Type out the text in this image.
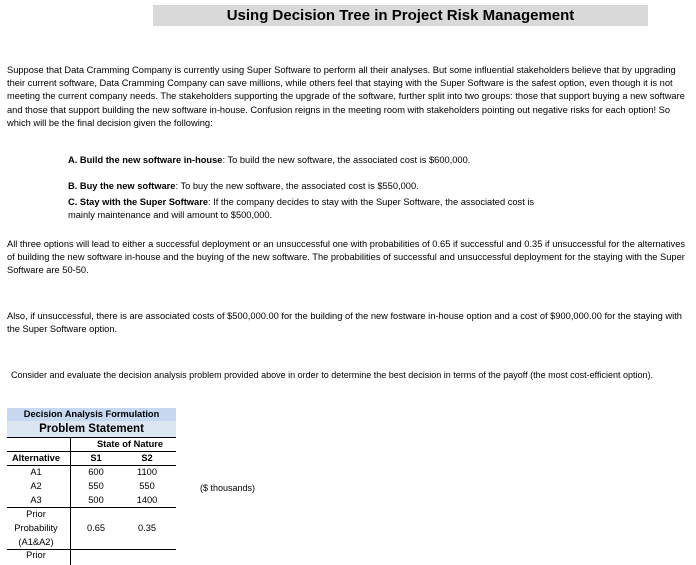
Using Decision Tree in Project Risk Management

Suppose that Data Cramming Company is currently using Super Software to perform all their analyses. But some influential stakeholders believe that by upgrading their current software, Data Cramming Company can save millions, while others feel that staying with the Super Software is the safest option, even though it is not meeting the current company needs. The stakeholders supporting the upgrade of the software, further split into two groups: those that support buying a new software and those that support building the new software in-house. Confusion reigns in the meeting room with stakeholders pointing out negative risks for each option! So which will be the final decision given the following:

A. Build the new software in-house: To build the new software, the associated cost is $600,000.

B. Buy the new software: To buy the new software, the associated cost is $550,000.

C. Stay with the Super Software: If the company decides to stay with the Super Software, the associated cost is mainly maintenance and will amount to $500,000.

All three options will lead to either a successful deployment or an unsuccessful one with probabilities of 0.65 if successful and 0.35 if unsuccessful for the alternatives of building the new software in-house and the buying of the new software. The probabilities of successful and unsuccessful deployment for the staying with the Super Software are 50-50.

Also, if unsuccessful, there is are associated costs of $500,000.00 for the building of the new fostware in-house option and a cost of $900,000.00 for the staying with the Super Software option.

Consider and evaluate the decision analysis problem provided above in order to determine the best decision in terms of the payoff (the most cost-efficient option).

Decision Analysis Formulation
Problem Statement
State of Nature
Alternative	S1	S2
A1	600	1100
A2	550	550
A3	500	1400
Prior
Probability	0.65	0.35
(A1&A2)
Prior
($ thousands)
